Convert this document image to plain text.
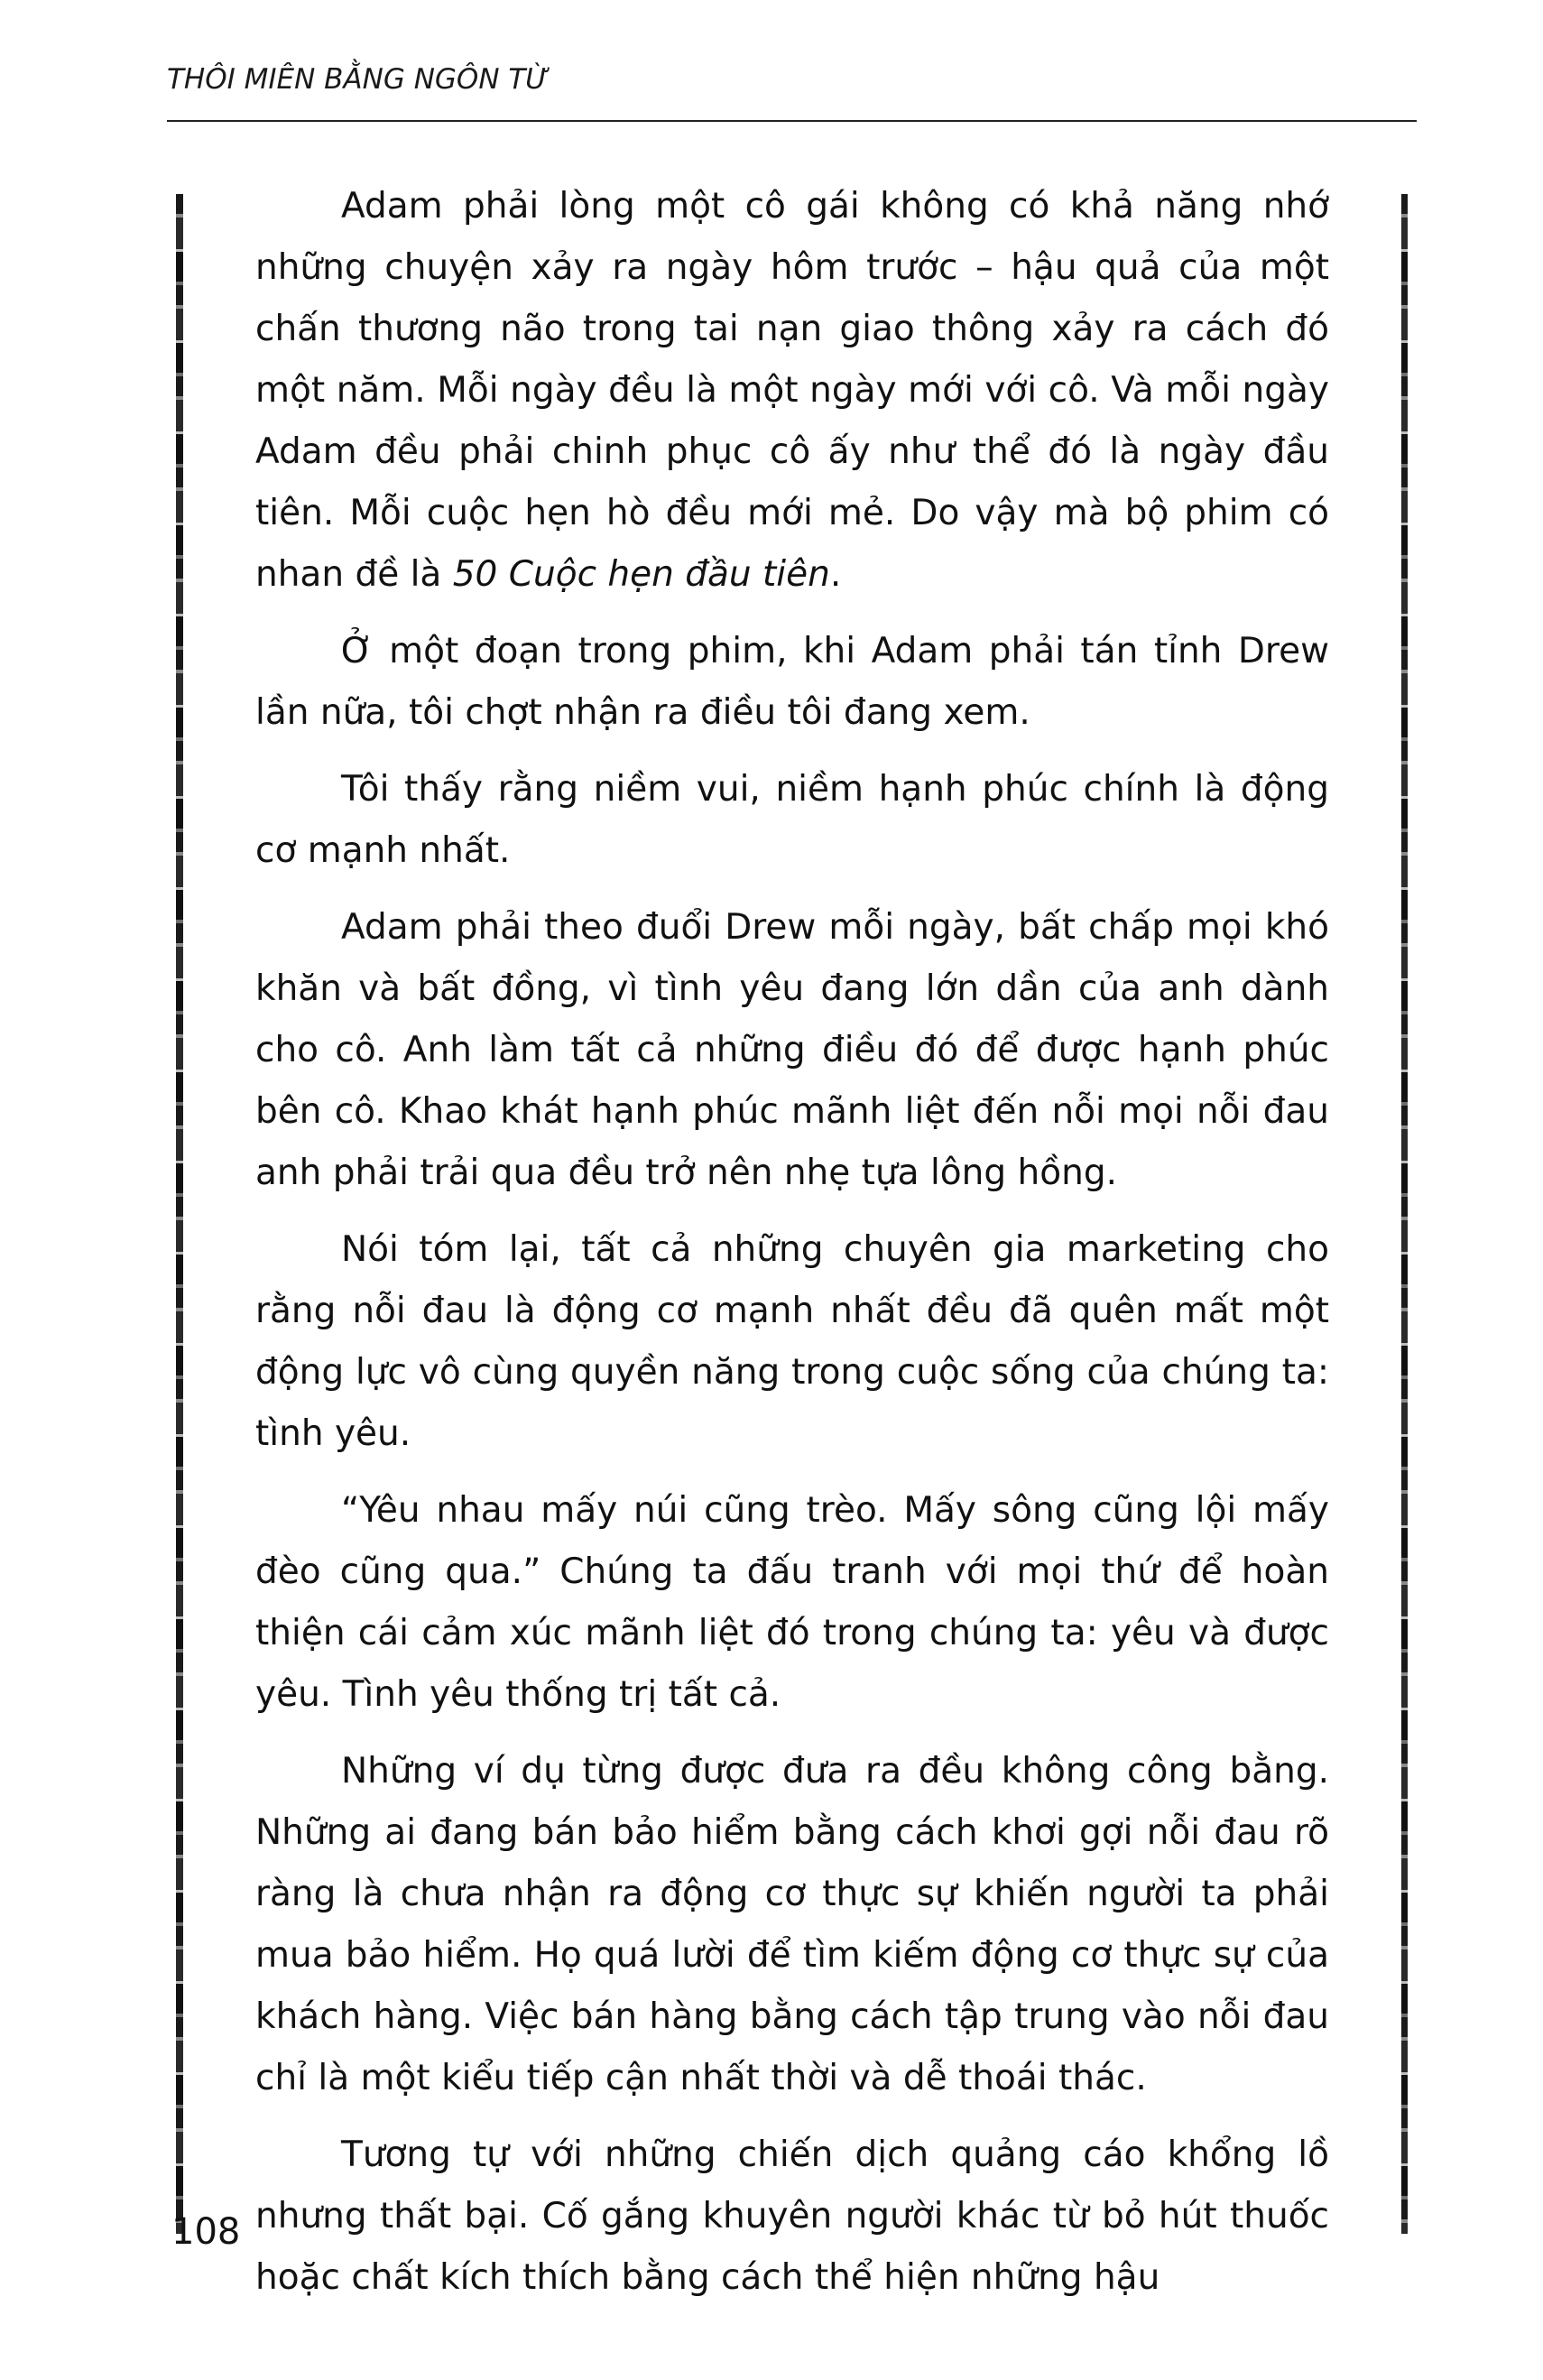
THÔI MIÊN BẰNG NGÔN TỪ

Adam phải lòng một cô gái không có khả năng nhớ những chuyện xảy ra ngày hôm trước – hậu quả của một chấn thương não trong tai nạn giao thông xảy ra cách đó một năm. Mỗi ngày đều là một ngày mới với cô. Và mỗi ngày Adam đều phải chinh phục cô ấy như thể đó là ngày đầu tiên. Mỗi cuộc hẹn hò đều mới mẻ. Do vậy mà bộ phim có nhan đề là 50 Cuộc hẹn đầu tiên.

Ở một đoạn trong phim, khi Adam phải tán tỉnh Drew lần nữa, tôi chợt nhận ra điều tôi đang xem.

Tôi thấy rằng niềm vui, niềm hạnh phúc chính là động cơ mạnh nhất.

Adam phải theo đuổi Drew mỗi ngày, bất chấp mọi khó khăn và bất đồng, vì tình yêu đang lớn dần của anh dành cho cô. Anh làm tất cả những điều đó để được hạnh phúc bên cô. Khao khát hạnh phúc mãnh liệt đến nỗi mọi nỗi đau anh phải trải qua đều trở nên nhẹ tựa lông hồng.

Nói tóm lại, tất cả những chuyên gia marketing cho rằng nỗi đau là động cơ mạnh nhất đều đã quên mất một động lực vô cùng quyền năng trong cuộc sống của chúng ta: tình yêu.

“Yêu nhau mấy núi cũng trèo. Mấy sông cũng lội mấy đèo cũng qua.” Chúng ta đấu tranh với mọi thứ để hoàn thiện cái cảm xúc mãnh liệt đó trong chúng ta: yêu và được yêu. Tình yêu thống trị tất cả.

Những ví dụ từng được đưa ra đều không công bằng. Những ai đang bán bảo hiểm bằng cách khơi gợi nỗi đau rõ ràng là chưa nhận ra động cơ thực sự khiến người ta phải mua bảo hiểm. Họ quá lười để tìm kiếm động cơ thực sự của khách hàng. Việc bán hàng bằng cách tập trung vào nỗi đau chỉ là một kiểu tiếp cận nhất thời và dễ thoái thác.

Tương tự với những chiến dịch quảng cáo khổng lồ nhưng thất bại. Cố gắng khuyên người khác từ bỏ hút thuốc hoặc chất kích thích bằng cách thể hiện những hậu

108
